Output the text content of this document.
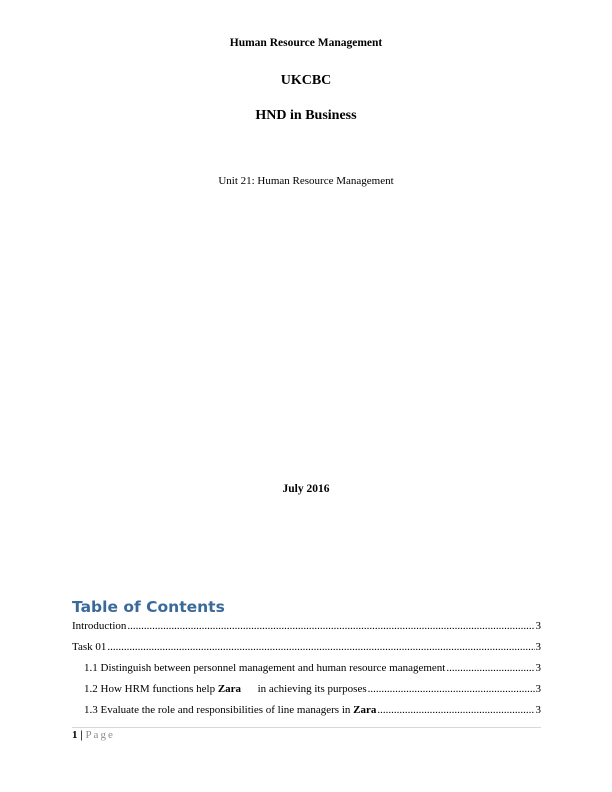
Human Resource Management
UKCBC
HND in Business
Unit 21: Human Resource Management
July 2016
Table of Contents
Introduction .....	3
Task 01 .....	3
1.1 Distinguish between personnel management and human resource management .....	3
1.2 How HRM functions help Zara      in achieving its purposes .....	3
1.3 Evaluate the role and responsibilities of line managers in Zara .....	3
1 | Page
